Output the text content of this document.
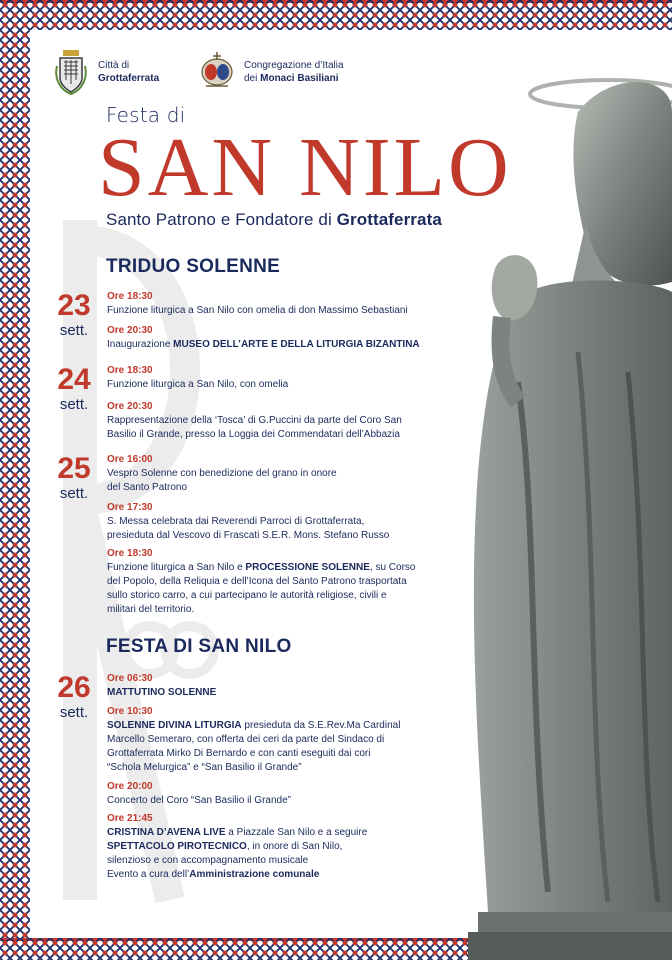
Città di
Grottaferrata
Congregazione d’Italia
dei Monaci Basiliani
Festa di
SAN NILO
Santo Patrono e Fondatore di Grottaferrata
TRIDUO SOLENNE
23
sett.
Ore 18:30
Funzione liturgica a San Nilo con omelia di don Massimo Sebastiani
Ore 20:30
Inaugurazione MUSEO DELL’ARTE E DELLA LITURGIA BIZANTINA
24
sett.
Ore 18:30
Funzione liturgica a San Nilo, con omelia
Ore 20:30
Rappresentazione della ‘Tosca’ di G.Puccini da parte del Coro San
Basilio il Grande, presso la Loggia dei Commendatari dell’Abbazia
25
sett.
Ore 16:00
Vespro Solenne con benedizione del grano in onore
del Santo Patrono
Ore 17:30
S. Messa celebrata dai Reverendi Parroci di Grottaferrata,
presieduta dal Vescovo di Frascati S.E.R. Mons. Stefano Russo
Ore 18:30
Funzione liturgica a San Nilo e PROCESSIONE SOLENNE, su Corso
del Popolo, della Reliquia e dell’Icona del Santo Patrono trasportata
sullo storico carro, a cui partecipano le autorità religiose, civili e
militari del territorio.
FESTA DI SAN NILO
26
sett.
Ore 06:30
MATTUTINO SOLENNE
Ore 10:30
SOLENNE DIVINA LITURGIA presieduta da S.E.Rev.Ma Cardinal
Marcello Semeraro, con offerta dei ceri da parte del Sindaco di
Grottaferrata Mirko Di Bernardo e con canti eseguiti dai cori
“Schola Melurgica” e “San Basilio il Grande”
Ore 20:00
Concerto del Coro “San Basilio il Grande”
Ore 21:45
CRISTINA D’AVENA LIVE a Piazzale San Nilo e a seguire
SPETTACOLO PIROTECNICO, in onore di San Nilo,
silenzioso e con accompagnamento musicale
Evento a cura dell’Amministrazione comunale
